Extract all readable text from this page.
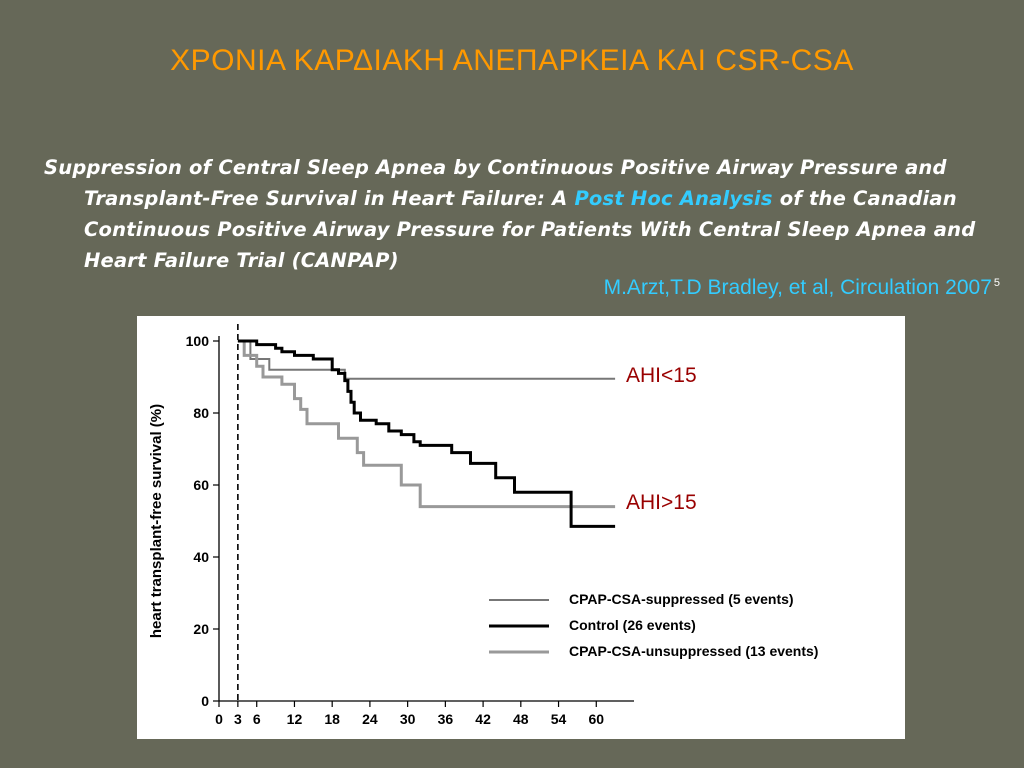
ΧΡΟΝΙΑ ΚΑΡΔΙΑΚΗ ΑΝΕΠΑΡΚΕΙΑ ΚΑΙ CSR-CSA

Suppression of Central Sleep Apnea by Continuous Positive Airway Pressure and Transplant-Free Survival in Heart Failure: A Post Hoc Analysis of the Canadian Continuous Positive Airway Pressure for Patients With Central Sleep Apnea and Heart Failure Trial (CANPAP)

M.Arzt,T.D Bradley, et al, Circulation 2007 $^5$
0
20
40
60
80
100
0 3 6 12 18 24 30 36 42 48 54 60
heart transplant-free survival (%)	CPAP-CSA-suppressed (5 events)
Control (26 events)
CPAP-CSA-unsuppressed (13 events)
AHI<15
AHI>15
